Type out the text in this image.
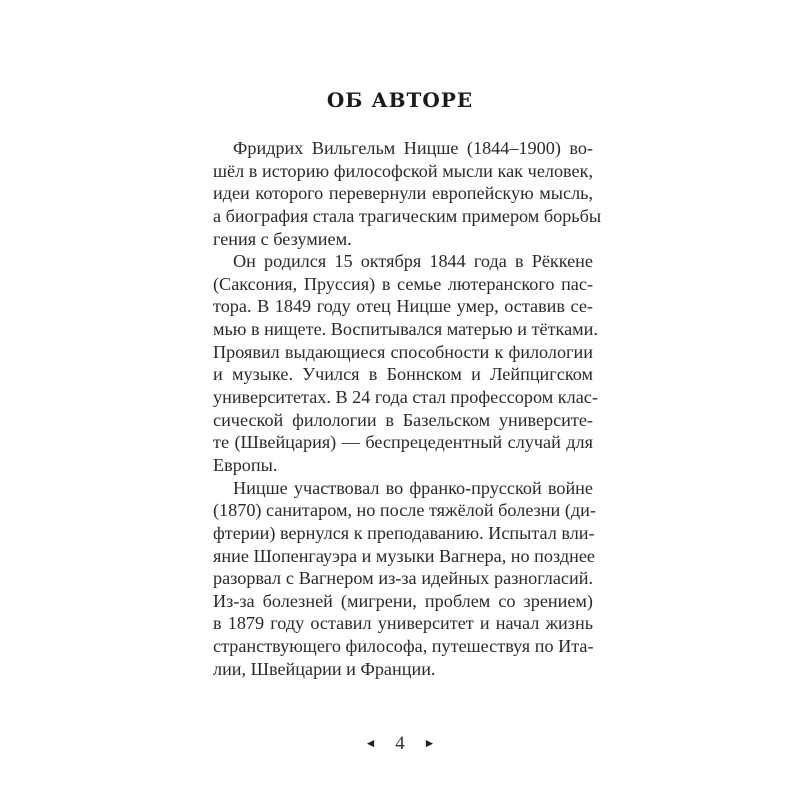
ОБ АВТОРЕ
Фридрих Вильгельм Ницше (1844–1900) во-
шёл в историю философской мысли как человек,
идеи которого перевернули европейскую мысль,
а биография стала трагическим примером борьбы
гения с безумием.
Он родился 15 октября 1844 года в Рёккене
(Саксония, Пруссия) в семье лютеранского пас-
тора. В 1849 году отец Ницше умер, оставив се-
мью в нищете. Воспитывался матерью и тётками.
Проявил выдающиеся способности к филологии
и музыке. Учился в Боннском и Лейпцигском
университетах. В 24 года стал профессором клас-
сической филологии в Базельском университе-
те (Швейцария) — беспрецедентный случай для
Европы.
Ницше участвовал во франко-прусской войне
(1870) санитаром, но после тяжёлой болезни (ди-
фтерии) вернулся к преподаванию. Испытал вли-
яние Шопенгауэра и музыки Вагнера, но позднее
разорвал с Вагнером из-за идейных разногласий.
Из-за болезней (мигрени, проблем со зрением)
в 1879 году оставил университет и начал жизнь
странствующего философа, путешествуя по Ита-
лии, Швейцарии и Франции.
◄ 4 ►
